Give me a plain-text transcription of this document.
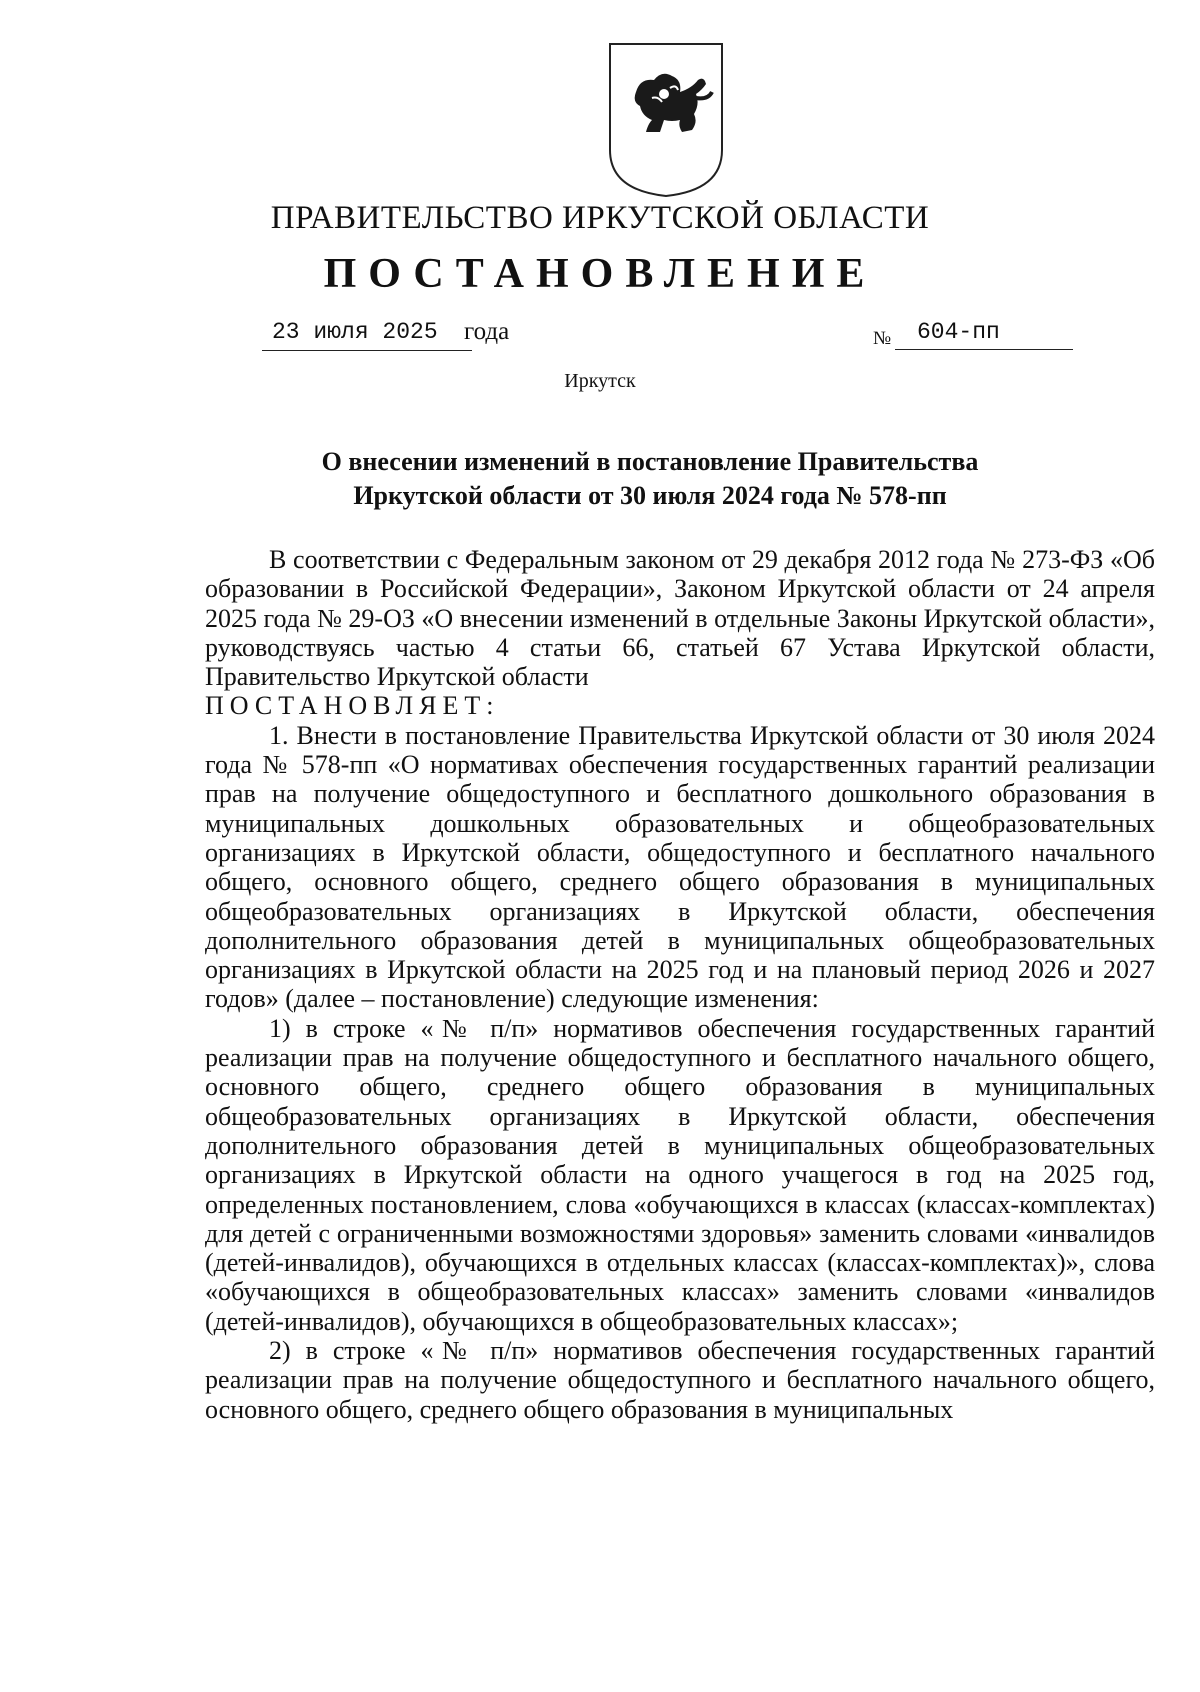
ПРАВИТЕЛЬСТВО ИРКУТСКОЙ ОБЛАСТИ
ПОСТАНОВЛЕНИЕ
23 июля 2025	года	№	604-пп
Иркутск
О внесении изменений в постановление Правительства
Иркутской области от 30 июля 2024 года № 578-пп

В соответствии с Федеральным законом от 29 декабря 2012 года № 273-ФЗ «Об образовании в Российской Федерации», Законом Иркутской области от 24 апреля 2025 года № 29-ОЗ «О внесении изменений в отдельные Законы Иркутской области», руководствуясь частью 4 статьи 66, статьей 67 Устава Иркутской области, Правительство Иркутской области

ПОСТАНОВЛЯЕТ:

1. Внести в постановление Правительства Иркутской области от 30 июля 2024 года № 578-пп «О нормативах обеспечения государственных гарантий реализации прав на получение общедоступного и бесплатного дошкольного образования в муниципальных дошкольных образовательных и общеобразовательных организациях в Иркутской области, общедоступного и бесплатного начального общего, основного общего, среднего общего образования в муниципальных общеобразовательных организациях в Иркутской области, обеспечения дополнительного образования детей в муниципальных общеобразовательных организациях в Иркутской области на 2025 год и на плановый период 2026 и 2027 годов» (далее – постановление) следующие изменения:

1) в строке «№ п/п» нормативов обеспечения государственных гарантий реализации прав на получение общедоступного и бесплатного начального общего, основного общего, среднего общего образования в муниципальных общеобразовательных организациях в Иркутской области, обеспечения дополнительного образования детей в муниципальных общеобразовательных организациях в Иркутской области на одного учащегося в год на 2025 год, определенных постановлением, слова «обучающихся в классах (классах-комплектах) для детей с ограниченными возможностями здоровья» заменить словами «инвалидов (детей-инвалидов), обучающихся в отдельных классах (классах-комплектах)», слова «обучающихся в общеобразовательных классах» заменить словами «инвалидов (детей-инвалидов), обучающихся в общеобразовательных классах»;

2) в строке «№ п/п» нормативов обеспечения государственных гарантий реализации прав на получение общедоступного и бесплатного начального общего, основного общего, среднего общего образования в муниципальных
